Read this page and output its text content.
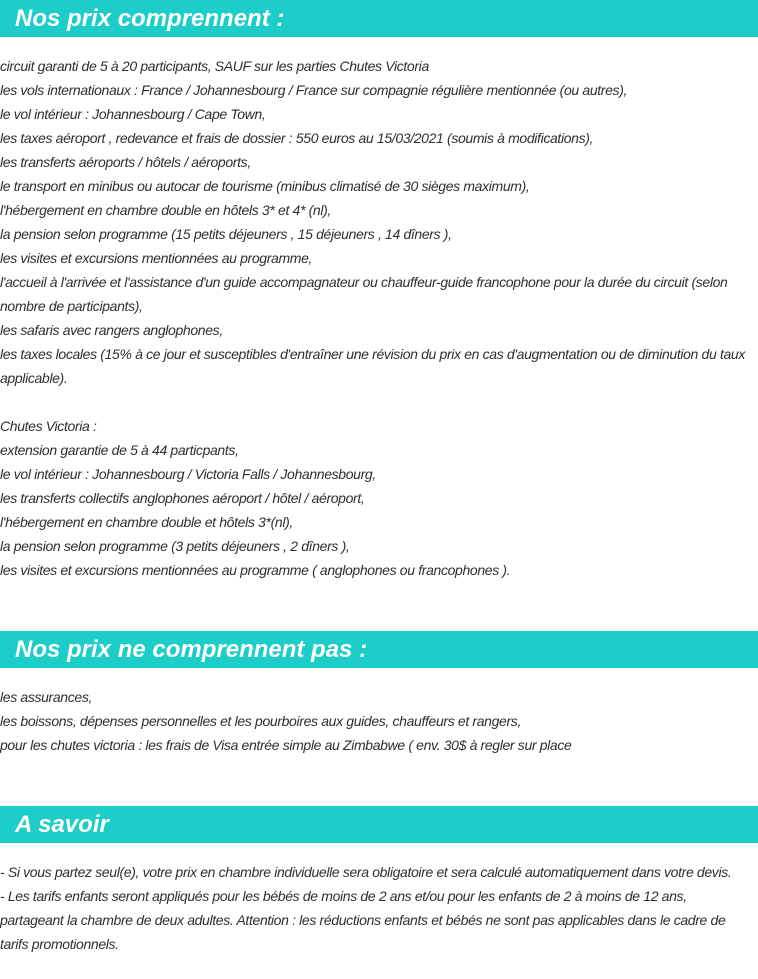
Nos prix comprennent :
circuit garanti de 5 à 20 participants, SAUF sur les parties Chutes Victoria
les vols internationaux : France / Johannesbourg / France sur compagnie régulière mentionnée (ou autres),
le vol intérieur : Johannesbourg / Cape Town,
les taxes aéroport , redevance et frais de dossier : 550 euros au 15/03/2021 (soumis à modifications),
les transferts aéroports / hôtels / aéroports,
le transport en minibus ou autocar de tourisme (minibus climatisé de 30 sièges maximum),
l'hébergement en chambre double en hôtels 3* et 4* (nl),
la pension selon programme (15 petits déjeuners , 15 déjeuners , 14 dîners ),
les visites et excursions mentionnées au programme,
l'accueil à l'arrivée et l'assistance d'un guide accompagnateur ou chauffeur-guide francophone pour la durée du circuit (selon nombre de participants),
les safaris avec rangers anglophones,
les taxes locales (15% à ce jour et susceptibles d'entraîner une révision du prix en cas d'augmentation ou de diminution du taux applicable).
Chutes Victoria :
extension garantie de 5 à 44 particpants,
le vol intérieur : Johannesbourg / Victoria Falls / Johannesbourg,
les transferts collectifs anglophones aéroport / hôtel / aéroport,
l'hébergement en chambre double et hôtels 3*(nl),
la pension selon programme (3 petits déjeuners , 2 dîners ),
les visites et excursions mentionnées au programme ( anglophones ou francophones ).
Nos prix ne comprennent pas :
les assurances,
les boissons, dépenses personnelles et les pourboires aux guides, chauffeurs et rangers,
pour les chutes victoria : les frais de Visa entrée simple au Zimbabwe ( env. 30$ à regler sur place
A savoir
- Si vous partez seul(e), votre prix en chambre individuelle sera obligatoire et sera calculé automatiquement dans votre devis.
- Les tarifs enfants seront appliqués pour les bébés de moins de 2 ans et/ou pour les enfants de 2 à moins de 12 ans, partageant la chambre de deux adultes. Attention : les réductions enfants et bébés ne sont pas applicables dans le cadre de tarifs promotionnels.
